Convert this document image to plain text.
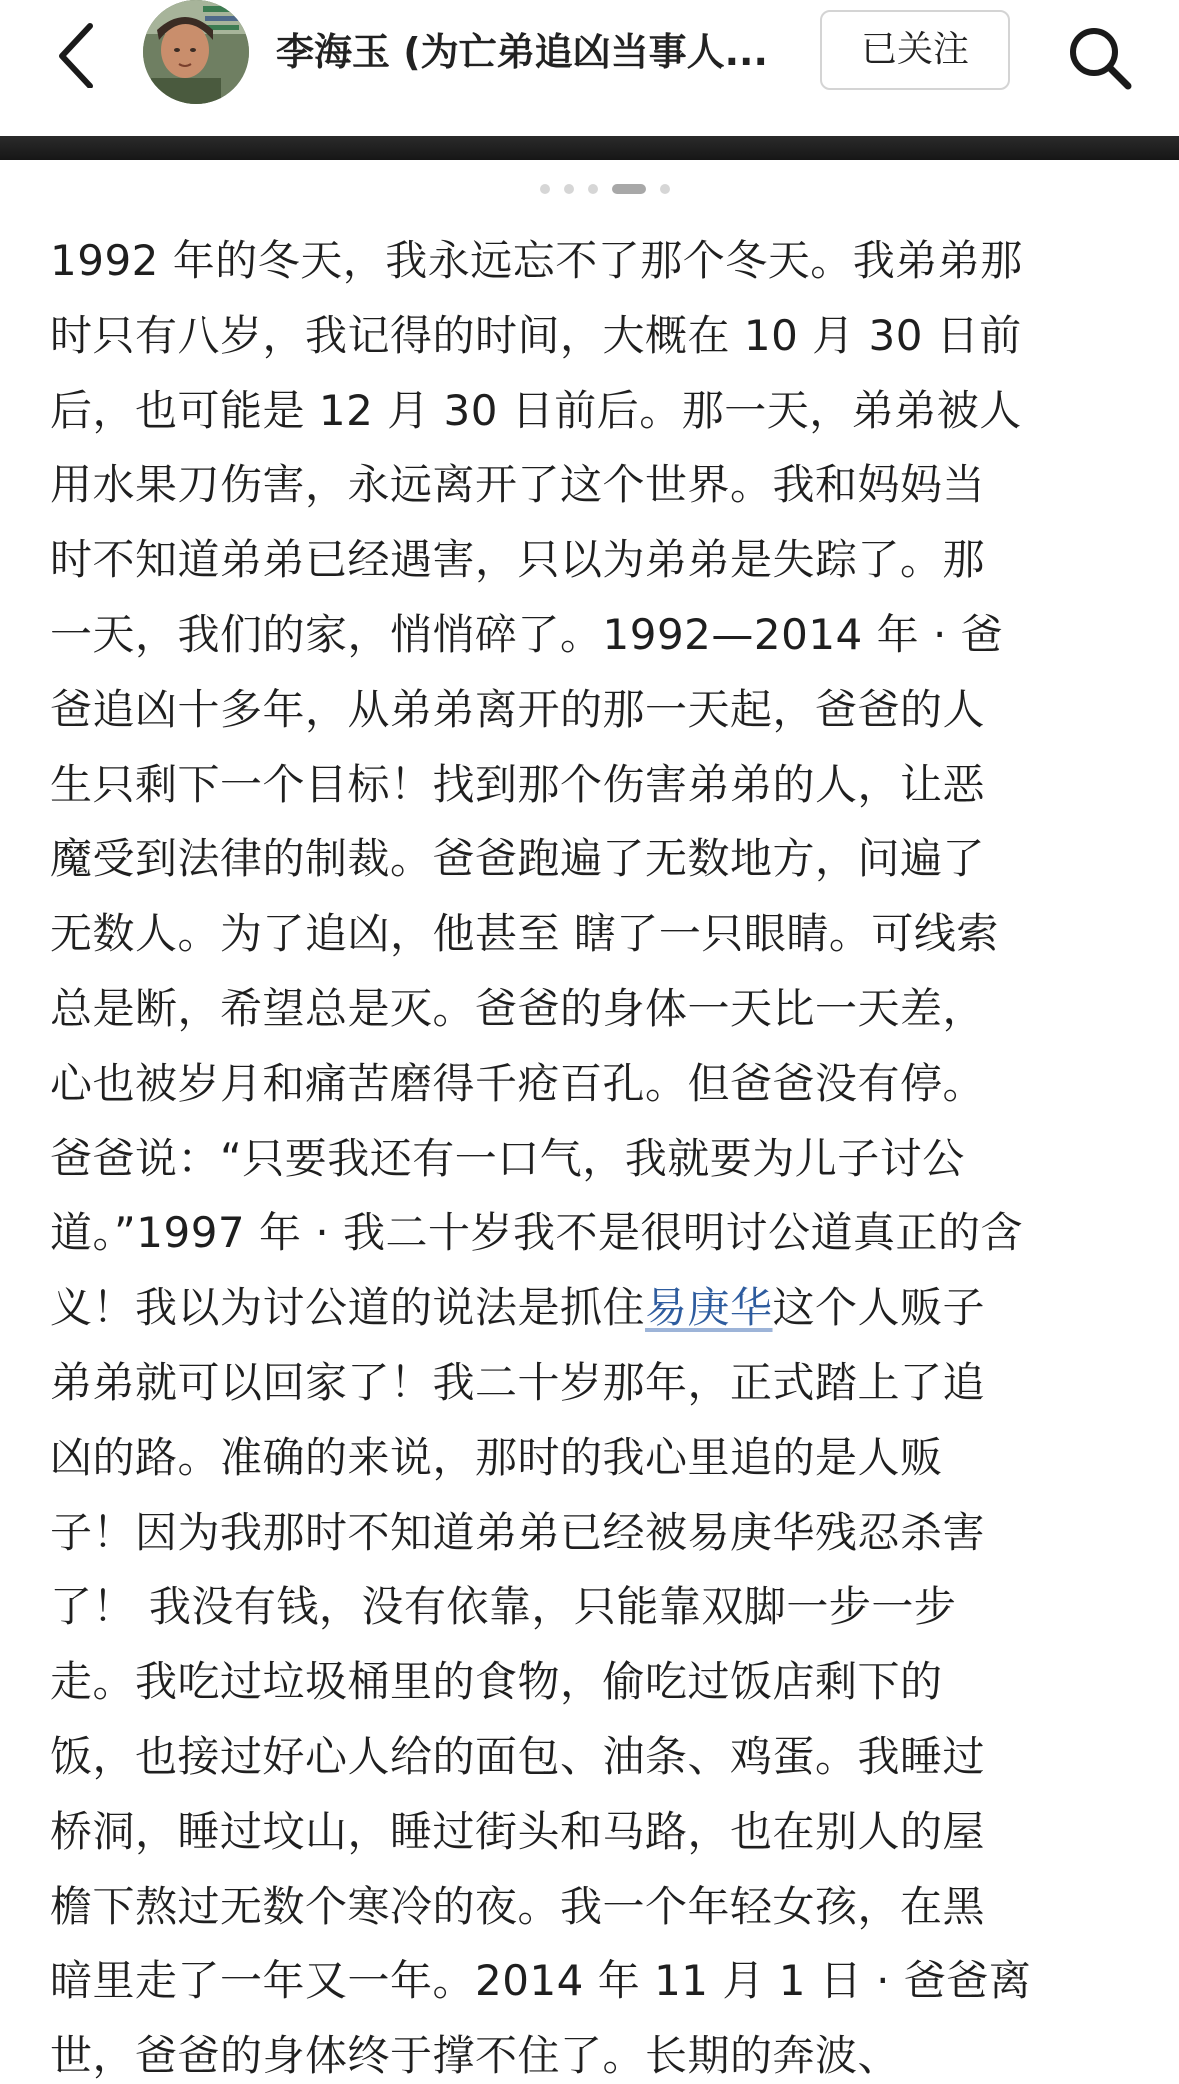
李海玉 (为亡弟追凶当事人...	已关注
1992 年的冬天，我永远忘不了那个冬天。我弟弟那
时只有八岁，我记得的时间，大概在 10 月 30 日前
后，也可能是 12 月 30 日前后。那一天，弟弟被人
用水果刀伤害，永远离开了这个世界。我和妈妈当
时不知道弟弟已经遇害，只以为弟弟是失踪了。那
一天，我们的家，悄悄碎了。1992—2014 年 · 爸
爸追凶十多年，从弟弟离开的那一天起，爸爸的人
生只剩下一个目标！找到那个伤害弟弟的人，让恶
魔受到法律的制裁。爸爸跑遍了无数地方，问遍了
无数人。为了追凶，他甚至 瞎了一只眼睛。可线索
总是断，希望总是灭。爸爸的身体一天比一天差，
心也被岁月和痛苦磨得千疮百孔。但爸爸没有停。
爸爸说：“只要我还有一口气，我就要为儿子讨公
道。”1997 年 · 我二十岁我不是很明讨公道真正的含
义！我以为讨公道的说法是抓住易庚华这个人贩子
弟弟就可以回家了！我二十岁那年，正式踏上了追
凶的路。准确的来说，那时的我心里追的是人贩
子！因为我那时不知道弟弟已经被易庚华残忍杀害
了！ 我没有钱，没有依靠，只能靠双脚一步一步
走。我吃过垃圾桶里的食物，偷吃过饭店剩下的
饭，也接过好心人给的面包、油条、鸡蛋。我睡过
桥洞，睡过坟山，睡过街头和马路，也在别人的屋
檐下熬过无数个寒冷的夜。我一个年轻女孩，在黑
暗里走了一年又一年。2014 年 11 月 1 日 · 爸爸离
世，爸爸的身体终于撑不住了。长期的奔波、
